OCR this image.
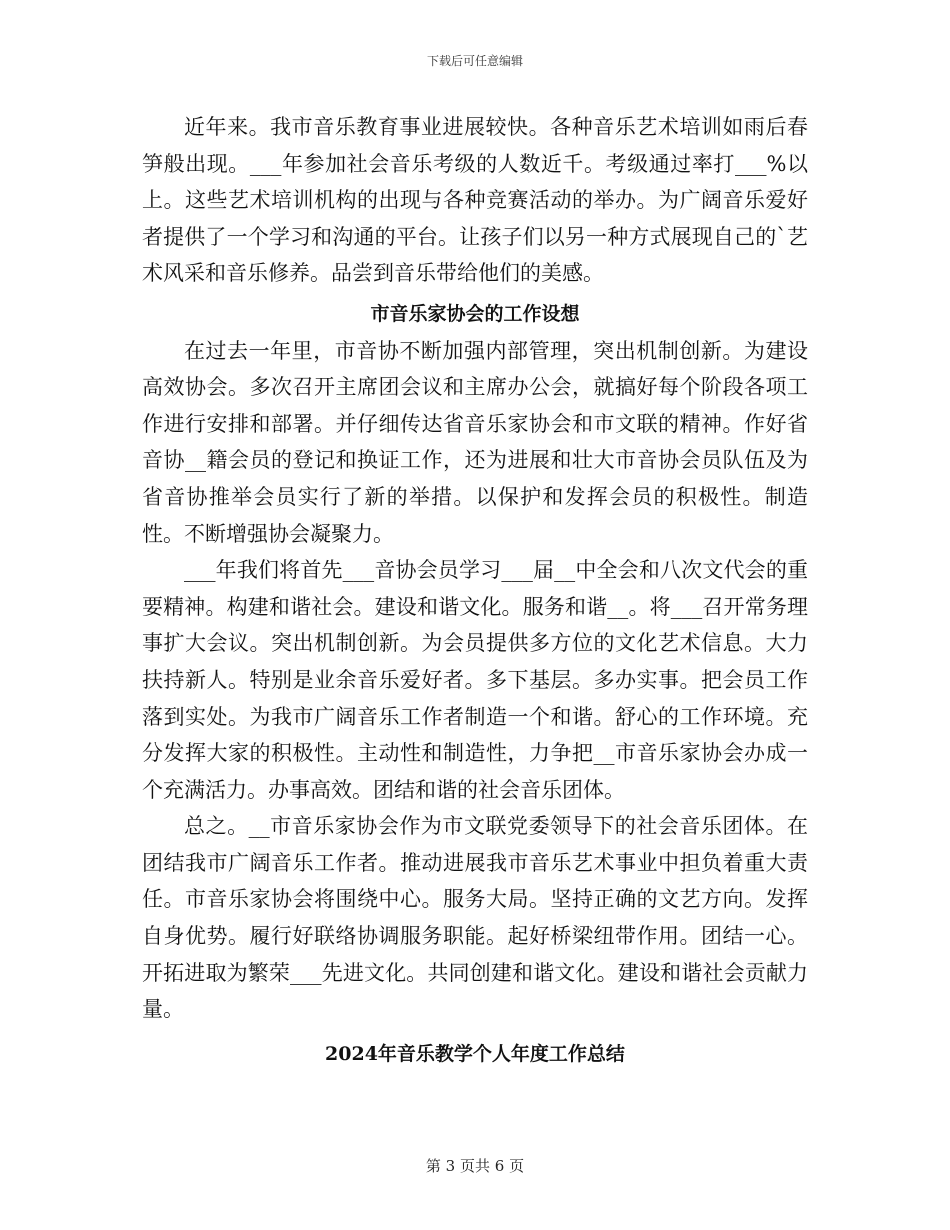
下载后可任意编辑

近年来。我市音乐教育事业进展较快。各种音乐艺术培训如雨后春笋般出现。___年参加社会音乐考级的人数近千。考级通过率打___%以上。这些艺术培训机构的出现与各种竞赛活动的举办。为广阔音乐爱好者提供了一个学习和沟通的平台。让孩子们以另一种方式展现自己的`艺术风采和音乐修养。品尝到音乐带给他们的美感。

市音乐家协会的工作设想

在过去一年里，市音协不断加强内部管理，突出机制创新。为建设高效协会。多次召开主席团会议和主席办公会，就搞好每个阶段各项工作进行安排和部署。并仔细传达省音乐家协会和市文联的精神。作好省音协__籍会员的登记和换证工作，还为进展和壮大市音协会员队伍及为省音协推举会员实行了新的举措。以保护和发挥会员的积极性。制造性。不断增强协会凝聚力。

___年我们将首先___音协会员学习___届__中全会和八次文代会的重要精神。构建和谐社会。建设和谐文化。服务和谐__。将___召开常务理事扩大会议。突出机制创新。为会员提供多方位的文化艺术信息。大力扶持新人。特别是业余音乐爱好者。多下基层。多办实事。把会员工作落到实处。为我市广阔音乐工作者制造一个和谐。舒心的工作环境。充分发挥大家的积极性。主动性和制造性，力争把__市音乐家协会办成一个充满活力。办事高效。团结和谐的社会音乐团体。

总之。__市音乐家协会作为市文联党委领导下的社会音乐团体。在团结我市广阔音乐工作者。推动进展我市音乐艺术事业中担负着重大责任。市音乐家协会将围绕中心。服务大局。坚持正确的文艺方向。发挥自身优势。履行好联络协调服务职能。起好桥梁纽带作用。团结一心。开拓进取为繁荣___先进文化。共同创建和谐文化。建设和谐社会贡献力量。

2024年音乐教学个人年度工作总结
第 3 页共 6 页
